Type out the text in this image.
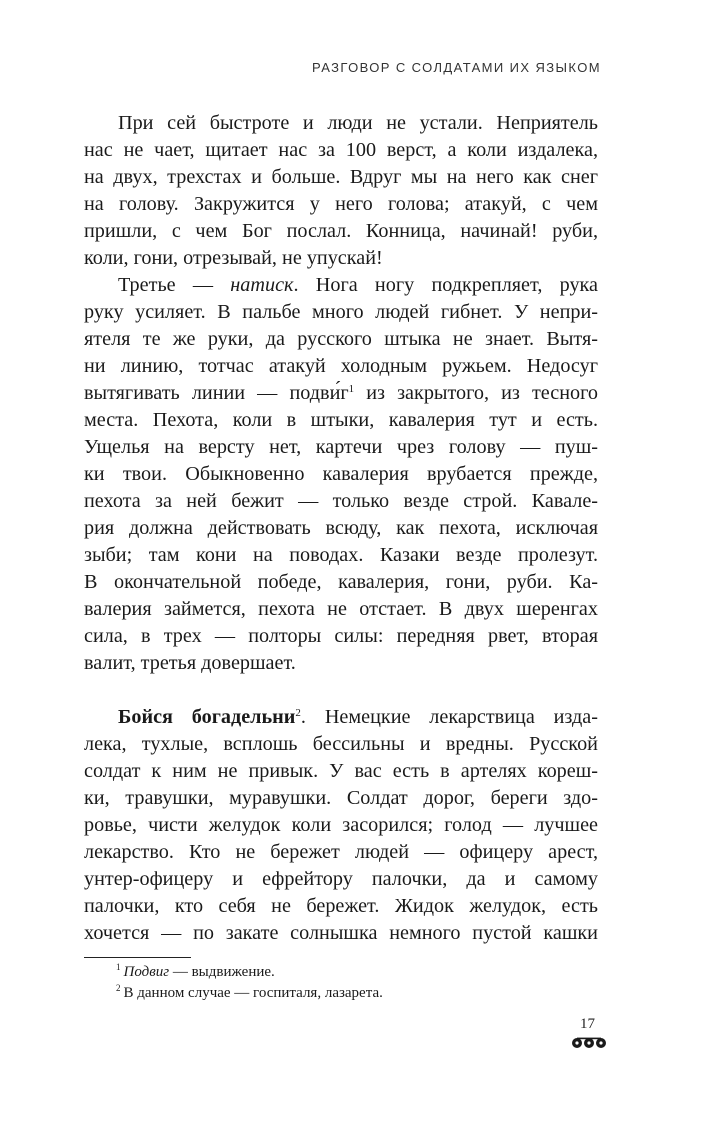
РАЗГОВОР С СОЛДАТАМИ ИХ ЯЗЫКОМ
При сей быстроте и люди не устали. Неприятель
нас не чает, щитает нас за 100 верст, а коли издалека,
на двух, трехстах и больше. Вдруг мы на него как снег
на голову. Закружится у него голова; атакуй, с чем
пришли, с чем Бог послал. Конница, начинай! руби,
коли, гони, отрезывай, не упускай!
Третье — натиск. Нога ногу подкрепляет, рука
руку усиляет. В пальбе много людей гибнет. У непри-
ятеля те же руки, да русского штыка не знает. Вытя-
ни линию, тотчас атакуй холодным ружьем. Недосуг
вытягивать линии — $подви́г^1$ из закрытого, из тесного
места. Пехота, коли в штыки, кавалерия тут и есть.
Ущелья на версту нет, картечи чрез голову — пуш-
ки твои. Обыкновенно кавалерия врубается прежде,
пехота за ней бежит — только везде строй. Кавале-
рия должна действовать всюду, как пехота, исключая
зыби; там кони на поводах. Казаки везде пролезут.
В окончательной победе, кавалерия, гони, руби. Ка-
валерия займется, пехота не отстает. В двух шеренгах
сила, в трех — полторы силы: передняя рвет, вторая
валит, третья довершает.
Бойся богадельни$^2$. Немецкие лекарствица изда-
лека, тухлые, всплошь бессильны и вредны. Русской
солдат к ним не привык. У вас есть в артелях кореш-
ки, травушки, муравушки. Солдат дорог, береги здо-
ровье, чисти желудок коли засорился; голод — лучшее
лекарство. Кто не бережет людей — офицеру арест,
унтер-офицеру и ефрейтору палочки, да и самому
палочки, кто себя не бережет. Жидок желудок, есть
хочется — по закате солнышка немного пустой кашки
$^1$ Подвиг — выдвижение.
$^2$ В данном случае — госпиталя, лазарета.
17
